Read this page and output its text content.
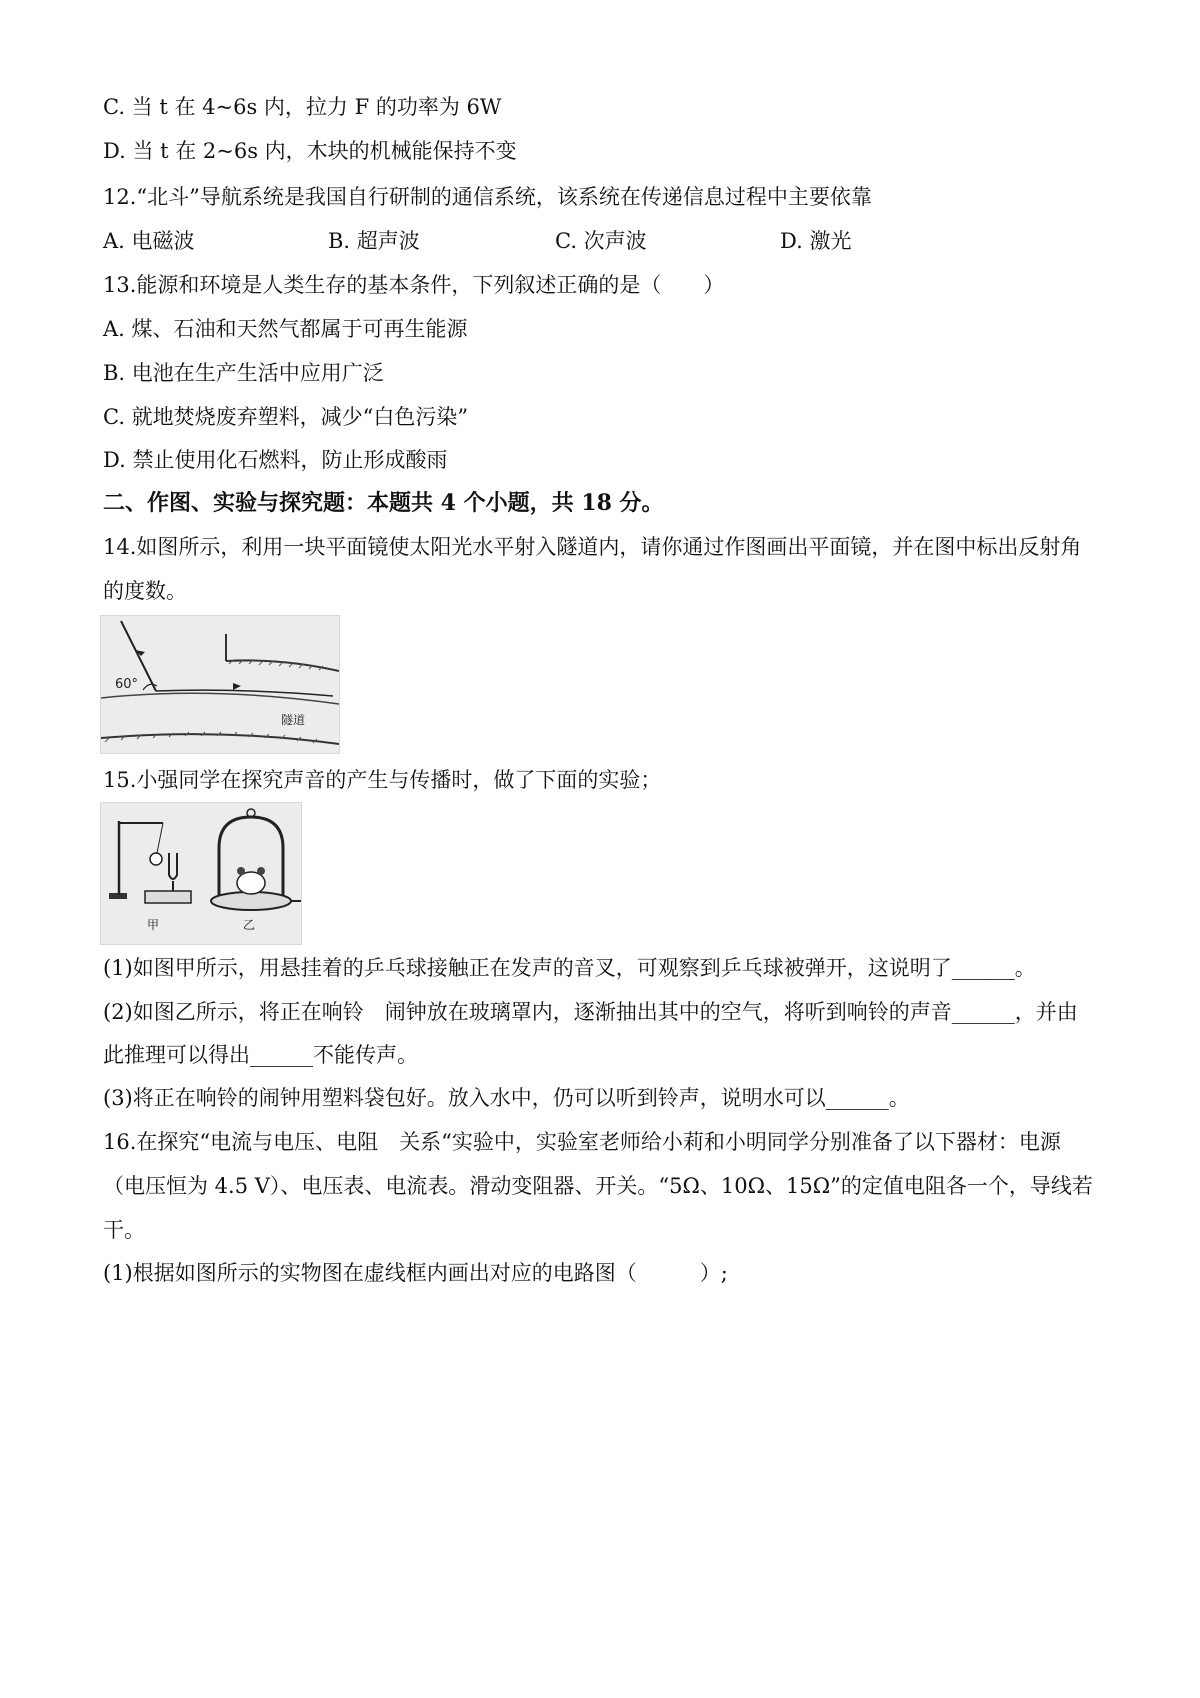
C. 当 t 在 4~6s 内，拉力 F 的功率为 6W
D. 当 t 在 2~6s 内，木块的机械能保持不变
12.“北斗”导航系统是我国自行研制的通信系统，该系统在传递信息过程中主要依靠
A. 电磁波	B. 超声波	C. 次声波	D. 激光
13.能源和环境是人类生存的基本条件，下列叙述正确的是（　　）
A. 煤、石油和天然气都属于可再生能源
B. 电池在生产生活中应用广泛
C. 就地焚烧废弃塑料，减少“白色污染”
D. 禁止使用化石燃料，防止形成酸雨
二、作图、实验与探究题：本题共 4 个小题，共 18 分。
14.如图所示，利用一块平面镜使太阳光水平射入隧道内，请你通过作图画出平面镜，并在图中标出反射角
的度数。
60°
隧道
15.小强同学在探究声音的产生与传播时，做了下面的实验；
甲	乙
(1)如图甲所示，用悬挂着的乒乓球接触正在发声的音叉，可观察到乒乓球被弹开，这说明了______。
(2)如图乙所示，将正在响铃　闹钟放在玻璃罩内，逐渐抽出其中的空气，将听到响铃的声音______，并由
此推理可以得出______不能传声。
(3)将正在响铃的闹钟用塑料袋包好。放入水中，仍可以听到铃声，说明水可以______。
16.在探究“电流与电压、电阻　关系“实验中，实验室老师给小莉和小明同学分别准备了以下器材：电源
（电压恒为 4.5 V）、电压表、电流表。滑动变阻器、开关。“5Ω、10Ω、15Ω”的定值电阻各一个，导线若
干。
(1)根据如图所示的实物图在虚线框内画出对应的电路图（　　　）;
